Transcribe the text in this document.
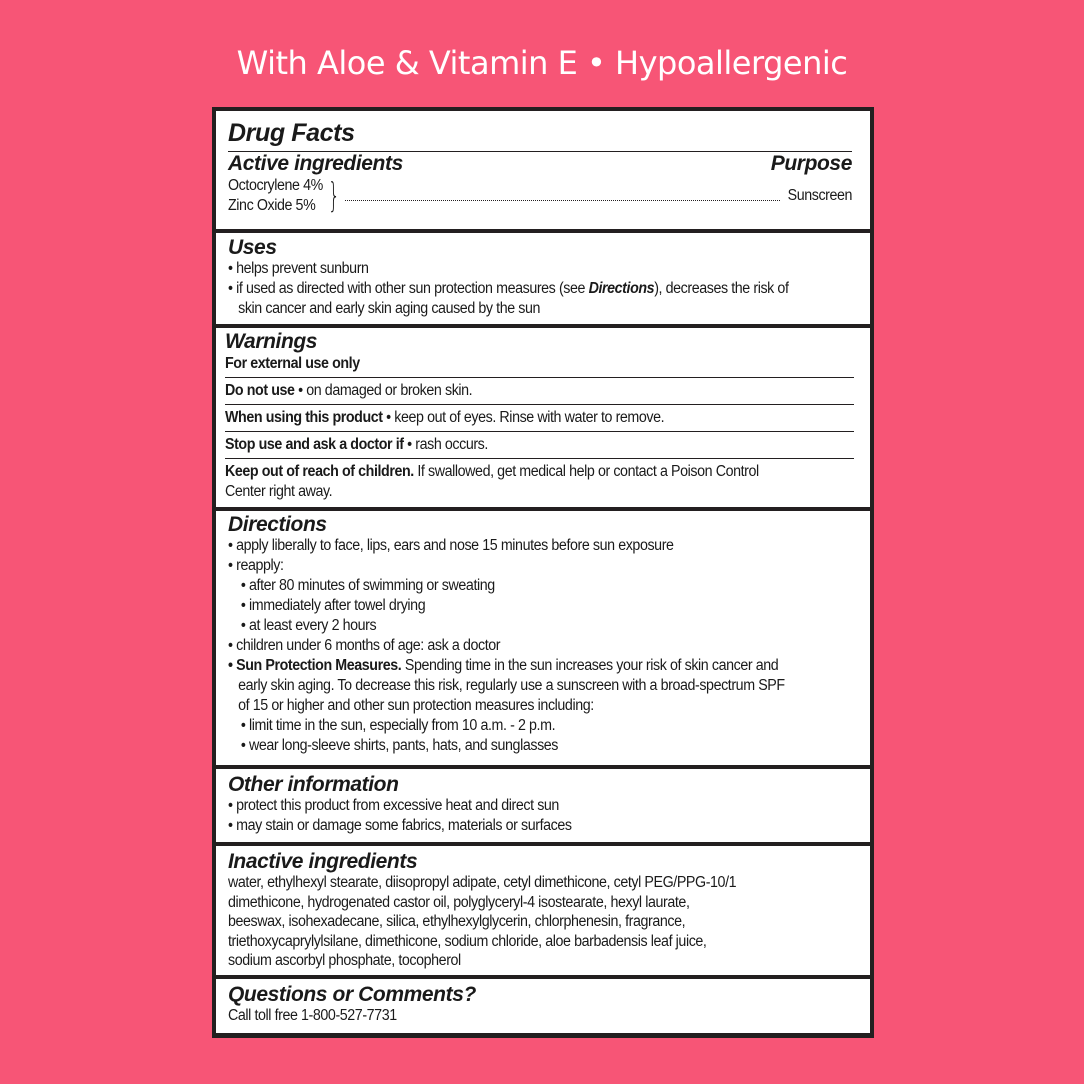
With Aloe & Vitamin E • Hypoallergenic
Drug Facts
Active ingredients	Purpose
Octocrylene 4%
Zinc Oxide 5% }	Sunscreen
Uses
• helps prevent sunburn
• if used as directed with other sun protection measures (see Directions), decreases the risk of
skin cancer and early skin aging caused by the sun
Warnings
For external use only
Do not use • on damaged or broken skin.
When using this product • keep out of eyes. Rinse with water to remove.
Stop use and ask a doctor if • rash occurs.
Keep out of reach of children. If swallowed, get medical help or contact a Poison Control
Center right away.
Directions
• apply liberally to face, lips, ears and nose 15 minutes before sun exposure
• reapply:
• after 80 minutes of swimming or sweating
• immediately after towel drying
• at least every 2 hours
• children under 6 months of age: ask a doctor
• Sun Protection Measures. Spending time in the sun increases your risk of skin cancer and
early skin aging. To decrease this risk, regularly use a sunscreen with a broad-spectrum SPF
of 15 or higher and other sun protection measures including:
• limit time in the sun, especially from 10 a.m. - 2 p.m.
• wear long-sleeve shirts, pants, hats, and sunglasses
Other information
• protect this product from excessive heat and direct sun
• may stain or damage some fabrics, materials or surfaces
Inactive ingredients
water, ethylhexyl stearate, diisopropyl adipate, cetyl dimethicone, cetyl PEG/PPG-10/1
dimethicone, hydrogenated castor oil, polyglyceryl-4 isostearate, hexyl laurate,
beeswax, isohexadecane, silica, ethylhexylglycerin, chlorphenesin, fragrance,
triethoxycaprylylsilane, dimethicone, sodium chloride, aloe barbadensis leaf juice,
sodium ascorbyl phosphate, tocopherol
Questions or Comments?
Call toll free 1-800-527-7731
